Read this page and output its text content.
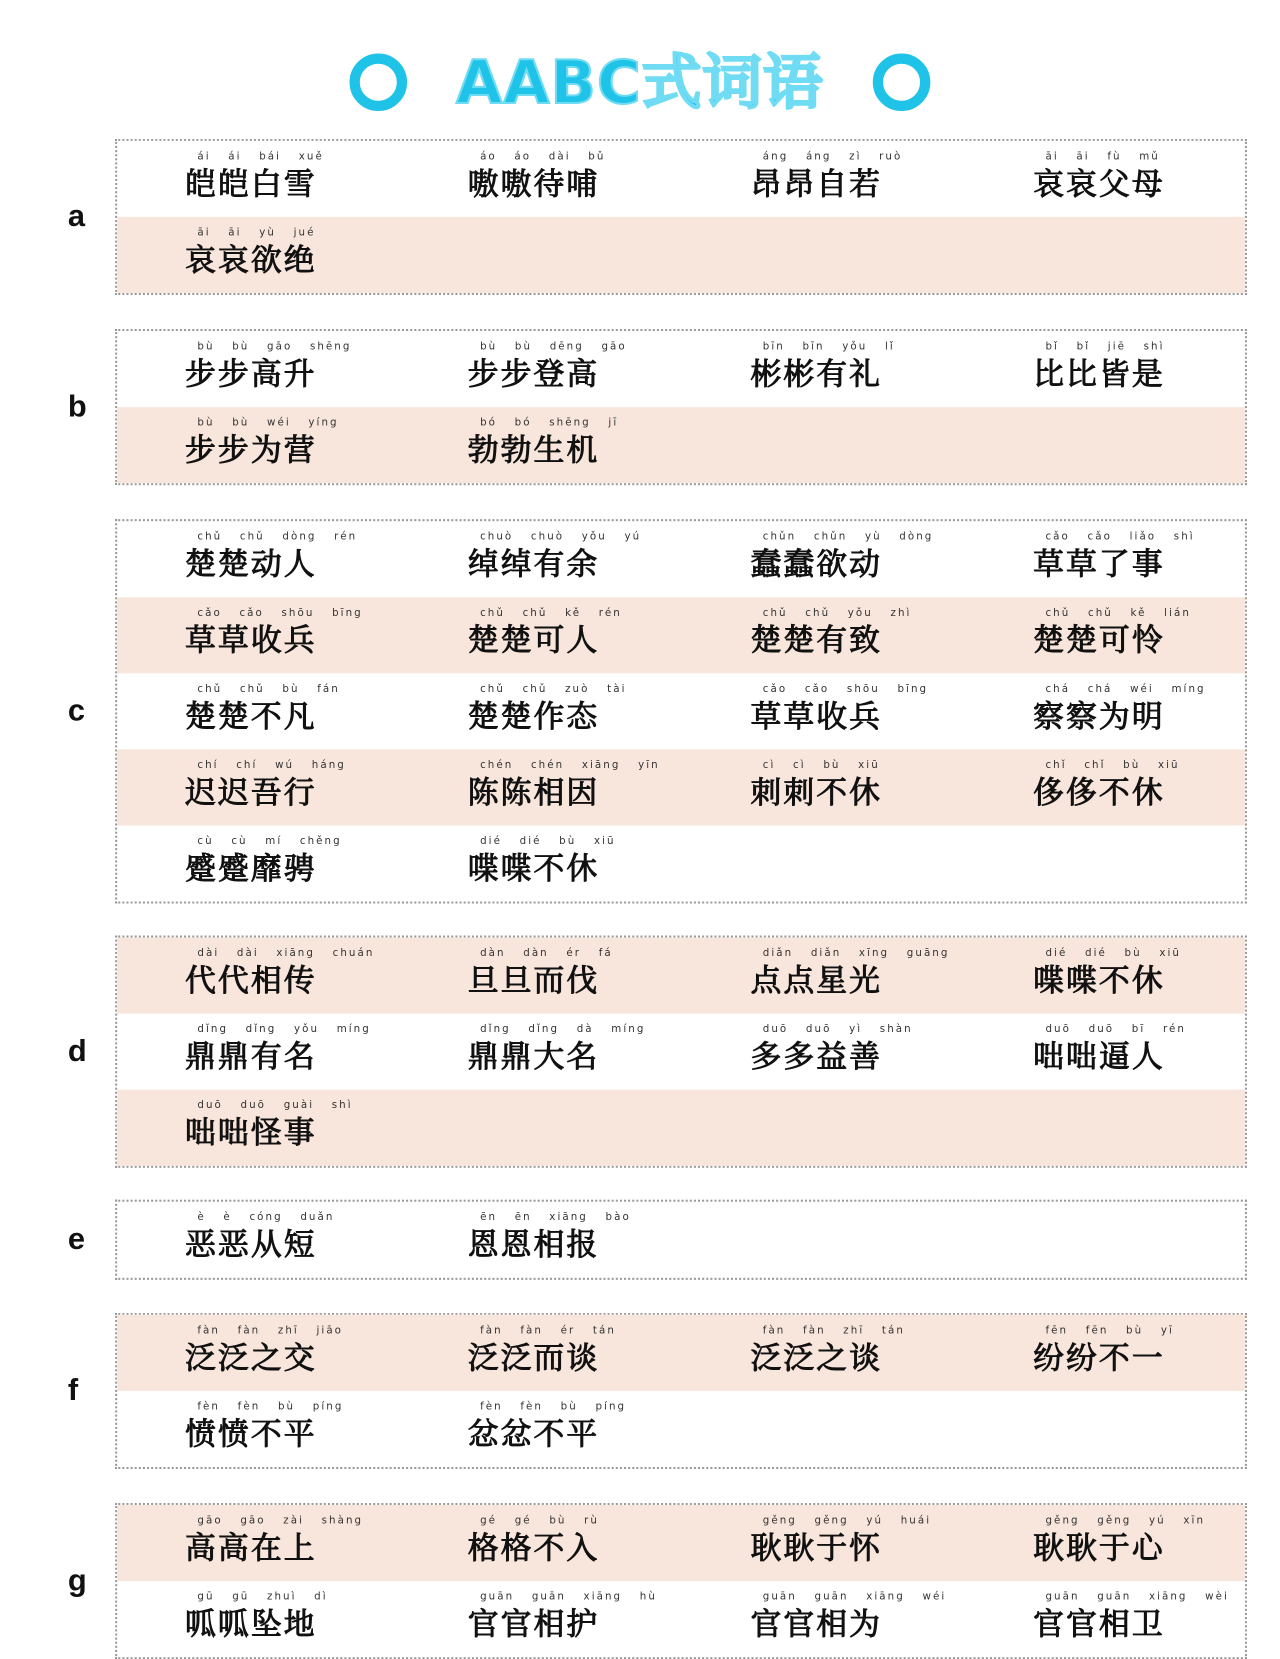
AABC式词语
a
ái ái bái xuě
皑皑白雪
áo áo dài bǔ
嗷嗷待哺
áng áng zì ruò
昂昂自若
āi āi fù mǔ
哀哀父母
āi āi yù jué
哀哀欲绝
b
bù bù gāo shēng
步步高升
bù bù dēng gāo
步步登高
bīn bīn yǒu lǐ
彬彬有礼
bǐ bǐ jiē shì
比比皆是
bù bù wéi yíng
步步为营
bó bó shēng jī
勃勃生机
c
chǔ chǔ dòng rén
楚楚动人
chuò chuò yǒu yú
绰绰有余
chǔn chǔn yù dòng
蠢蠢欲动
cǎo cǎo liǎo shì
草草了事
cǎo cǎo shōu bīng
草草收兵
chǔ chǔ kě rén
楚楚可人
chǔ chǔ yǒu zhì
楚楚有致
chǔ chǔ kě lián
楚楚可怜
chǔ chǔ bù fán
楚楚不凡
chǔ chǔ zuò tài
楚楚作态
cǎo cǎo shōu bīng
草草收兵
chá chá wéi míng
察察为明
chí chí wú háng
迟迟吾行
chén chén xiāng yīn
陈陈相因
cì cì bù xiū
刺刺不休
chǐ chǐ bù xiū
侈侈不休
cù cù mí chěng
蹙蹙靡骋
dié dié bù xiū
喋喋不休
d
dài dài xiāng chuán
代代相传
dàn dàn ér fá
旦旦而伐
diǎn diǎn xīng guāng
点点星光
dié dié bù xiū
喋喋不休
dǐng dǐng yǒu míng
鼎鼎有名
dǐng dǐng dà míng
鼎鼎大名
duō duō yì shàn
多多益善
duō duō bī rén
咄咄逼人
duō duō guài shì
咄咄怪事
e
è è cóng duǎn
恶恶从短
ēn ēn xiāng bào
恩恩相报
f
fàn fàn zhī jiāo
泛泛之交
fàn fàn ér tán
泛泛而谈
fàn fàn zhī tán
泛泛之谈
fēn fēn bù yī
纷纷不一
fèn fèn bù píng
愤愤不平
fèn fèn bù píng
忿忿不平
g
gāo gāo zài shàng
高高在上
gé gé bù rù
格格不入
gěng gěng yú huái
耿耿于怀
gěng gěng yú xīn
耿耿于心
gū gū zhuì dì
呱呱坠地
guān guān xiāng hù
官官相护
guān guān xiāng wéi
官官相为
guān guān xiāng wèi
官官相卫
